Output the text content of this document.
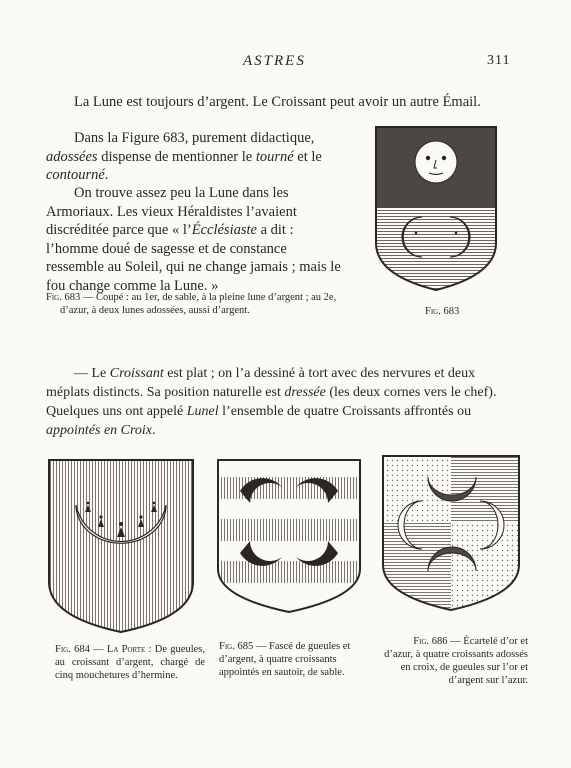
ASTRES	311

La Lune est toujours d’argent. Le Croissant peut avoir un autre Émail.

Dans la Figure 683, purement didactique, adossées dispense de mentionner le tourné et le contourné.

On trouve assez peu la Lune dans les Armoriaux. Les vieux Héraldistes l’avaient discréditée parce que « l’Écclésiaste a dit : l’homme doué de sagesse et de constance ressemble au Soleil, qui ne change jamais ; mais le fou change comme la Lune. »

Fig. 683 — Coupé : au 1er, de sable, à la pleine lune d’argent ; au 2e, d’azur, à deux lunes adossées, aussi d’argent.	Fig. 683

— Le Croissant est plat ; on l’a dessiné à tort avec des nervures et deux méplats distincts. Sa position naturelle est dressée (les deux cornes vers le chef). Quelques uns ont appelé Lunel l’ensemble de quatre Croissants affrontés ou appointés en Croix.

Fig. 684 — La Porte : De gueules, au croissant d’argent, chargé de cinq mouchetures d’hermine.

Fig. 685 — Fascé de gueules et d’argent, à quatre croissants appointés en sautoir, de sable.

Fig. 686 — Écartelé d’or et d’azur, à quatre croissants adossés en croix, de gueules sur l’or et d’argent sur l’azur.
